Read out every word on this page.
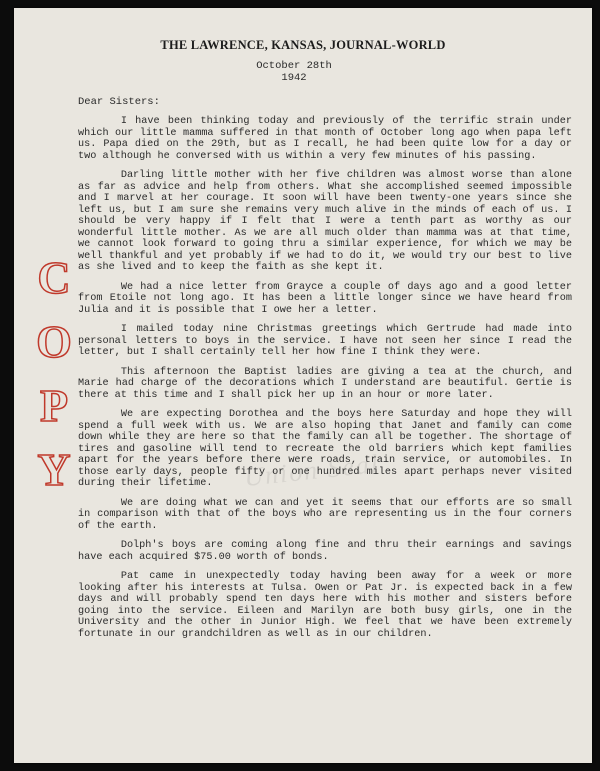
THE LAWRENCE, KANSAS, JOURNAL-WORLD
October 28th
1942
Dear Sisters:
C
O
P
Y	Union Seal

I have been thinking today and previously of the terrific strain under which our little mamma suffered in that month of October long ago when papa left us. Papa died on the 29th, but as I recall, he had been quite low for a day or two although he conversed with us within a very few minutes of his passing.

Darling little mother with her five children was almost worse than alone as far as advice and help from others. What she accomplished seemed impossible and I marvel at her courage. It soon will have been twenty-one years since she left us, but I am sure she remains very much alive in the minds of each of us. I should be very happy if I felt that I were a tenth part as worthy as our wonderful little mother. As we are all much older than mamma was at that time, we cannot look forward to going thru a similar experience, for which we may be well thankful and yet probably if we had to do it, we would try our best to live as she lived and to keep the faith as she kept it.

We had a nice letter from Grayce a couple of days ago and a good letter from Etoile not long ago. It has been a little longer since we have heard from Julia and it is possible that I owe her a letter.

I mailed today nine Christmas greetings which Gertrude had made into personal letters to boys in the service. I have not seen her since I read the letter, but I shall certainly tell her how fine I think they were.

This afternoon the Baptist ladies are giving a tea at the church, and Marie had charge of the decorations which I understand are beautiful. Gertie is there at this time and I shall pick her up in an hour or more later.

We are expecting Dorothea and the boys here Saturday and hope they will spend a full week with us. We are also hoping that Janet and family can come down while they are here so that the family can all be together. The shortage of tires and gasoline will tend to recreate the old barriers which kept families apart for the years before there were roads, train service, or automobiles. In those early days, people fifty or one hundred miles apart perhaps never visited during their lifetime.

We are doing what we can and yet it seems that our efforts are so small in comparison with that of the boys who are representing us in the four corners of the earth.

Dolph's boys are coming along fine and thru their earnings and savings have each acquired $75.00 worth of bonds.

Pat came in unexpectedly today having been away for a week or more looking after his interests at Tulsa. Owen or Pat Jr. is expected back in a few days and will probably spend ten days here with his mother and sisters before going into the service. Eileen and Marilyn are both busy girls, one in the University and the other in Junior High. We feel that we have been extremely fortunate in our grandchildren as well as in our children.
